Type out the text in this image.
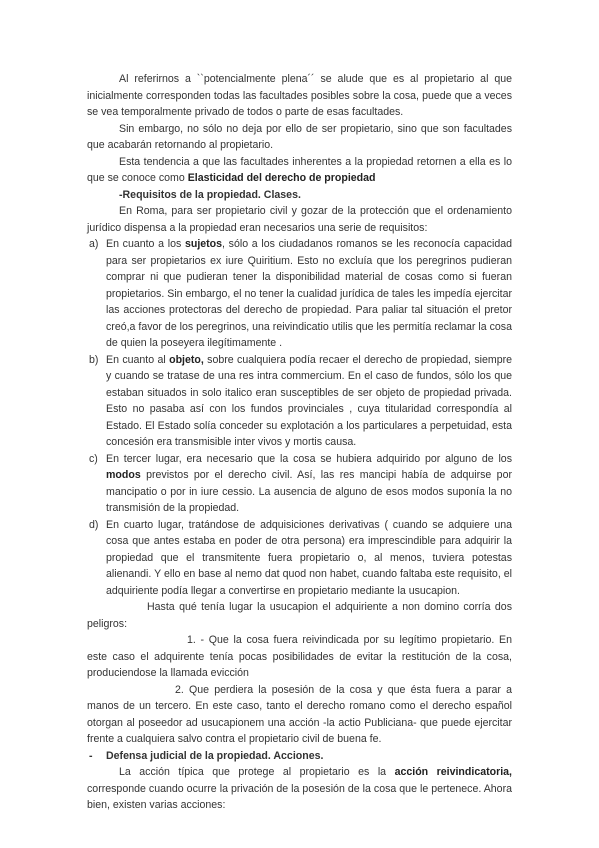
Al referirnos a ``potencialmente plena´´ se alude que es al propietario al que inicialmente corresponden todas las facultades posibles sobre la cosa, puede que a veces se vea temporalmente privado de todos o parte de esas facultades.

Sin embargo, no sólo no deja por ello de ser propietario, sino que son facultades que acabarán retornando al propietario.

Esta tendencia a que las facultades inherentes a la propiedad retornen a ella es lo que se conoce como Elasticidad del derecho de propiedad

-Requisitos de la propiedad. Clases.

En Roma, para ser propietario civil y gozar de la protección que el ordenamiento jurídico dispensa a la propiedad eran necesarios una serie de requisitos:

a) En cuanto a los sujetos, sólo a los ciudadanos romanos se les reconocía capacidad para ser propietarios ex iure Quiritium. Esto no excluía que los peregrinos pudieran comprar ni que pudieran tener la disponibilidad material de cosas como si fueran propietarios. Sin embargo, el no tener la cualidad jurídica de tales les impedía ejercitar las acciones protectoras del derecho de propiedad. Para paliar tal situación el pretor creó,a favor de los peregrinos, una reivindicatio utilis que les permitía reclamar la cosa de quien la poseyera ilegítimamente .

b) En cuanto al objeto, sobre cualquiera podía recaer el derecho de propiedad, siempre y cuando se tratase de una res intra commercium. En el caso de fundos, sólo los que estaban situados in solo italico eran susceptibles de ser objeto de propiedad privada. Esto no pasaba así con los fundos provinciales , cuya titularidad correspondía al Estado. El Estado solía conceder su explotación a los particulares a perpetuidad, esta concesión era transmisible inter vivos y mortis causa.

c) En tercer lugar, era necesario que la cosa se hubiera adquirido por alguno de los modos previstos por el derecho civil. Así, las res mancipi había de adquirse por mancipatio o por in iure cessio. La ausencia de alguno de esos modos suponía la no transmisión de la propiedad.

d) En cuarto lugar, tratándose de adquisiciones derivativas ( cuando se adquiere una cosa que antes estaba en poder de otra persona) era imprescindible para adquirir la propiedad que el transmitente fuera propietario o, al menos, tuviera potestas alienandi. Y ello en base al nemo dat quod non habet, cuando faltaba este requisito, el adquiriente podía llegar a convertirse en propietario mediante la usucapion.

Hasta qué tenía lugar la usucapion el adquiriente a non domino corría dos peligros:

1. - Que la cosa fuera reivindicada por su legítimo propietario. En este caso el adquirente tenía pocas posibilidades de evitar la restitución de la cosa, produciendose la llamada evicción

2. Que perdiera la posesión de la cosa y que ésta fuera a parar a manos de un tercero. En este caso, tanto el derecho romano como el derecho español otorgan al poseedor ad usucapionem una acción -la actio Publiciana- que puede ejercitar frente a cualquiera salvo contra el propietario civil de buena fe.

- Defensa judicial de la propiedad. Acciones.

La acción típica que protege al propietario es la acción reivindicatoria, corresponde cuando ocurre la privación de la posesión de la cosa que le pertenece. Ahora bien, existen varias acciones:
